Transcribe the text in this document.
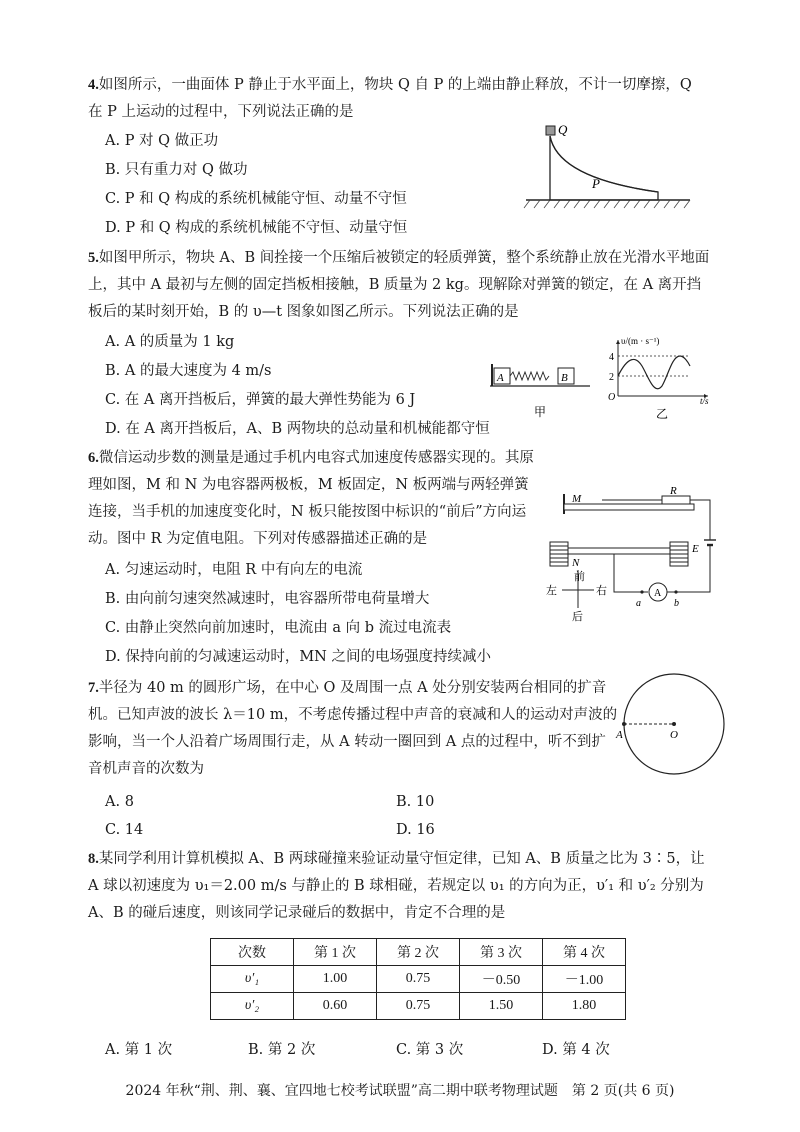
4.如图所示，一曲面体 P 静止于水平面上，物块 Q 自 P 的上端由静止释放，不计一切摩擦，Q 在 P 上运动的过程中，下列说法正确的是
A. P 对 Q 做正功
B. 只有重力对 Q 做功
C. P 和 Q 构成的系统机械能守恒、动量不守恒
D. P 和 Q 构成的系统机械能不守恒、动量守恒
Q
P
5.如图甲所示，物块 A、B 间拴接一个压缩后被锁定的轻质弹簧，整个系统静止放在光滑水平地面上，其中 A 最初与左侧的固定挡板相接触，B 质量为 2 kg。现解除对弹簧的锁定，在 A 离开挡板后的某时刻开始，B 的 υ—t 图象如图乙所示。下列说法正确的是
A. A 的质量为 1 kg
B. A 的最大速度为 4 m/s
C. 在 A 离开挡板后，弹簧的最大弹性势能为 6 J
D. 在 A 离开挡板后，A、B 两物块的总动量和机械能都守恒
A	B
甲
υ/(m · s⁻¹)
4
2
O	t/s
乙
6.微信运动步数的测量是通过手机内电容式加速度传感器实现的。其原理如图，M 和 N 为电容器两极板，M 板固定，N 板两端与两轻弹簧连接，当手机的加速度变化时，N 板只能按图中标识的“前后”方向运动。图中 R 为定值电阻。下列对传感器描述正确的是
A. 匀速运动时，电阻 R 中有向左的电流
B. 由向前匀速突然减速时，电容器所带电荷量增大
C. 由静止突然向前加速时，电流由 a 向 b 流过电流表
D. 保持向前的匀减速运动时，MN 之间的电场强度持续减小
M
R
E
N
前
后
左	右	A
a	b
7.半径为 40 m 的圆形广场，在中心 O 及周围一点 A 处分别安装两台相同的扩音机。已知声波的波长 λ＝10 m，不考虑传播过程中声音的衰减和人的运动对声波的影响，当一个人沿着广场周围行走，从 A 转动一圈回到 A 点的过程中，听不到扩音机声音的次数为
A. 8	B. 10
C. 14	D. 16
A	O
8.某同学利用计算机模拟 A、B 两球碰撞来验证动量守恒定律，已知 A、B 质量之比为 3∶5，让 A 球以初速度为 υ₁＝2.00 m/s 与静止的 B 球相碰，若规定以 υ₁ 的方向为正，υ′₁ 和 υ′₂ 分别为 A、B 的碰后速度，则该同学记录碰后的数据中，肯定不合理的是
次数	第 1 次	第 2 次	第 3 次	第 4 次
υ′₁	1.00	0.75	－0.50	－1.00
υ′₂	0.60	0.75	1.50	1.80
A. 第 1 次	B. 第 2 次	C. 第 3 次	D. 第 4 次
2024 年秋“荆、荆、襄、宜四地七校考试联盟”高二期中联考物理试题　第 2 页(共 6 页)
